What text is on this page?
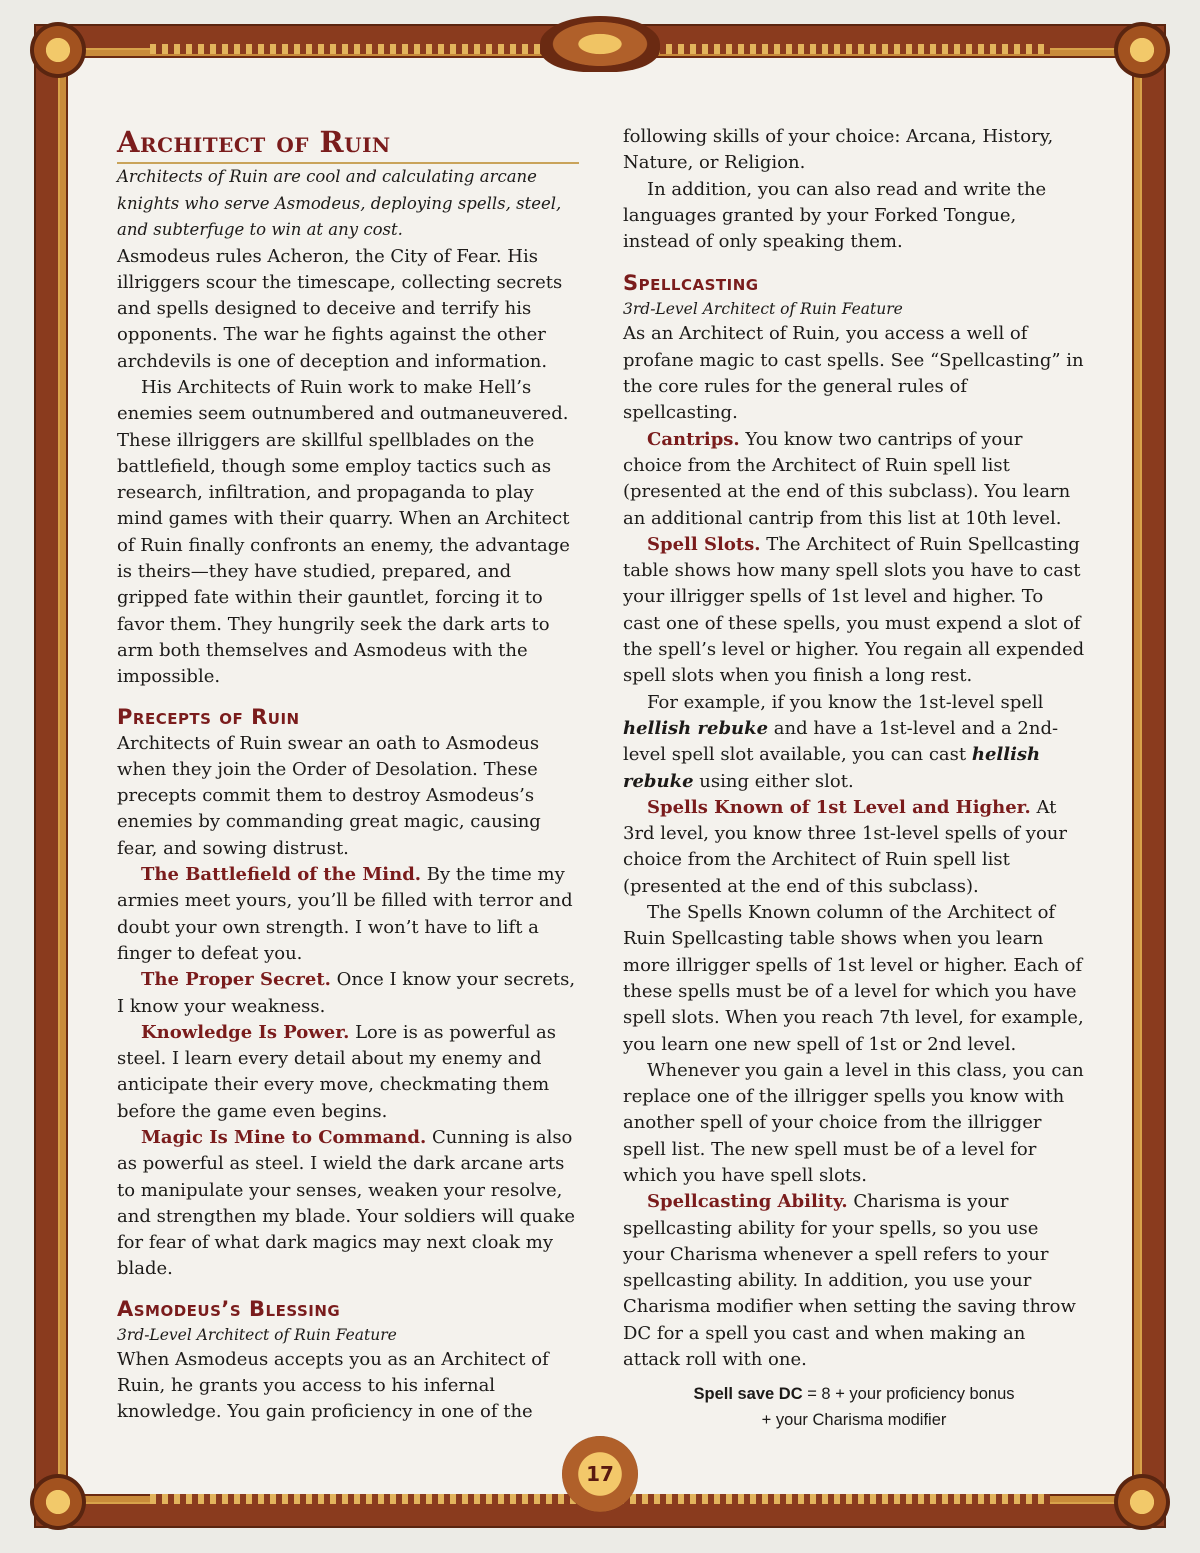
17
Architect of Ruin

Architects of Ruin are cool and calculating arcane knights who serve Asmodeus, deploying spells, steel, and subterfuge to win at any cost.

Asmodeus rules Acheron, the City of Fear. His illriggers scour the timescape, collecting secrets and spells designed to deceive and terrify his opponents. The war he fights against the other archdevils is one of deception and information.

His Architects of Ruin work to make Hell’s enemies seem outnumbered and outmaneuvered. These illriggers are skillful spellblades on the battlefield, though some employ tactics such as research, infiltration, and propaganda to play mind games with their quarry. When an Architect of Ruin finally confronts an enemy, the advantage is theirs—they have studied, prepared, and gripped fate within their gauntlet, forcing it to favor them. They hungrily seek the dark arts to arm both themselves and Asmodeus with the impossible.

Precepts of Ruin

Architects of Ruin swear an oath to Asmodeus when they join the Order of Desolation. These precepts commit them to destroy Asmodeus’s enemies by commanding great magic, causing fear, and sowing distrust.

The Battlefield of the Mind. By the time my armies meet yours, you’ll be filled with terror and doubt your own strength. I won’t have to lift a finger to defeat you.

The Proper Secret. Once I know your secrets, I know your weakness.

Knowledge Is Power. Lore is as powerful as steel. I learn every detail about my enemy and anticipate their every move, checkmating them before the game even begins.

Magic Is Mine to Command. Cunning is also as powerful as steel. I wield the dark arcane arts to manipulate your senses, weaken your resolve, and strengthen my blade. Your soldiers will quake for fear of what dark magics may next cloak my blade.

Asmodeus’s Blessing

3rd-Level Architect of Ruin Feature

When Asmodeus accepts you as an Architect of Ruin, he grants you access to his infernal knowledge. You gain proficiency in one of the

following skills of your choice: Arcana, History, Nature, or Religion.

In addition, you can also read and write the languages granted by your Forked Tongue, instead of only speaking them.

Spellcasting

3rd-Level Architect of Ruin Feature

As an Architect of Ruin, you access a well of profane magic to cast spells. See “Spellcasting” in the core rules for the general rules of spellcasting.

Cantrips. You know two cantrips of your choice from the Architect of Ruin spell list (presented at the end of this subclass). You learn an additional cantrip from this list at 10th level.

Spell Slots. The Architect of Ruin Spellcasting table shows how many spell slots you have to cast your illrigger spells of 1st level and higher. To cast one of these spells, you must expend a slot of the spell’s level or higher. You regain all expended spell slots when you finish a long rest.

For example, if you know the 1st-level spell hellish rebuke and have a 1st-level and a 2nd-level spell slot available, you can cast hellish rebuke using either slot.

Spells Known of 1st Level and Higher. At 3rd level, you know three 1st-level spells of your choice from the Architect of Ruin spell list (presented at the end of this subclass).

The Spells Known column of the Architect of Ruin Spellcasting table shows when you learn more illrigger spells of 1st level or higher. Each of these spells must be of a level for which you have spell slots. When you reach 7th level, for example, you learn one new spell of 1st or 2nd level.

Whenever you gain a level in this class, you can replace one of the illrigger spells you know with another spell of your choice from the illrigger spell list. The new spell must be of a level for which you have spell slots.

Spellcasting Ability. Charisma is your spellcasting ability for your spells, so you use your Charisma whenever a spell refers to your spellcasting ability. In addition, you use your Charisma modifier when setting the saving throw DC for a spell you cast and when making an attack roll with one.

Spell save DC = 8 + your proficiency bonus
+ your Charisma modifier
